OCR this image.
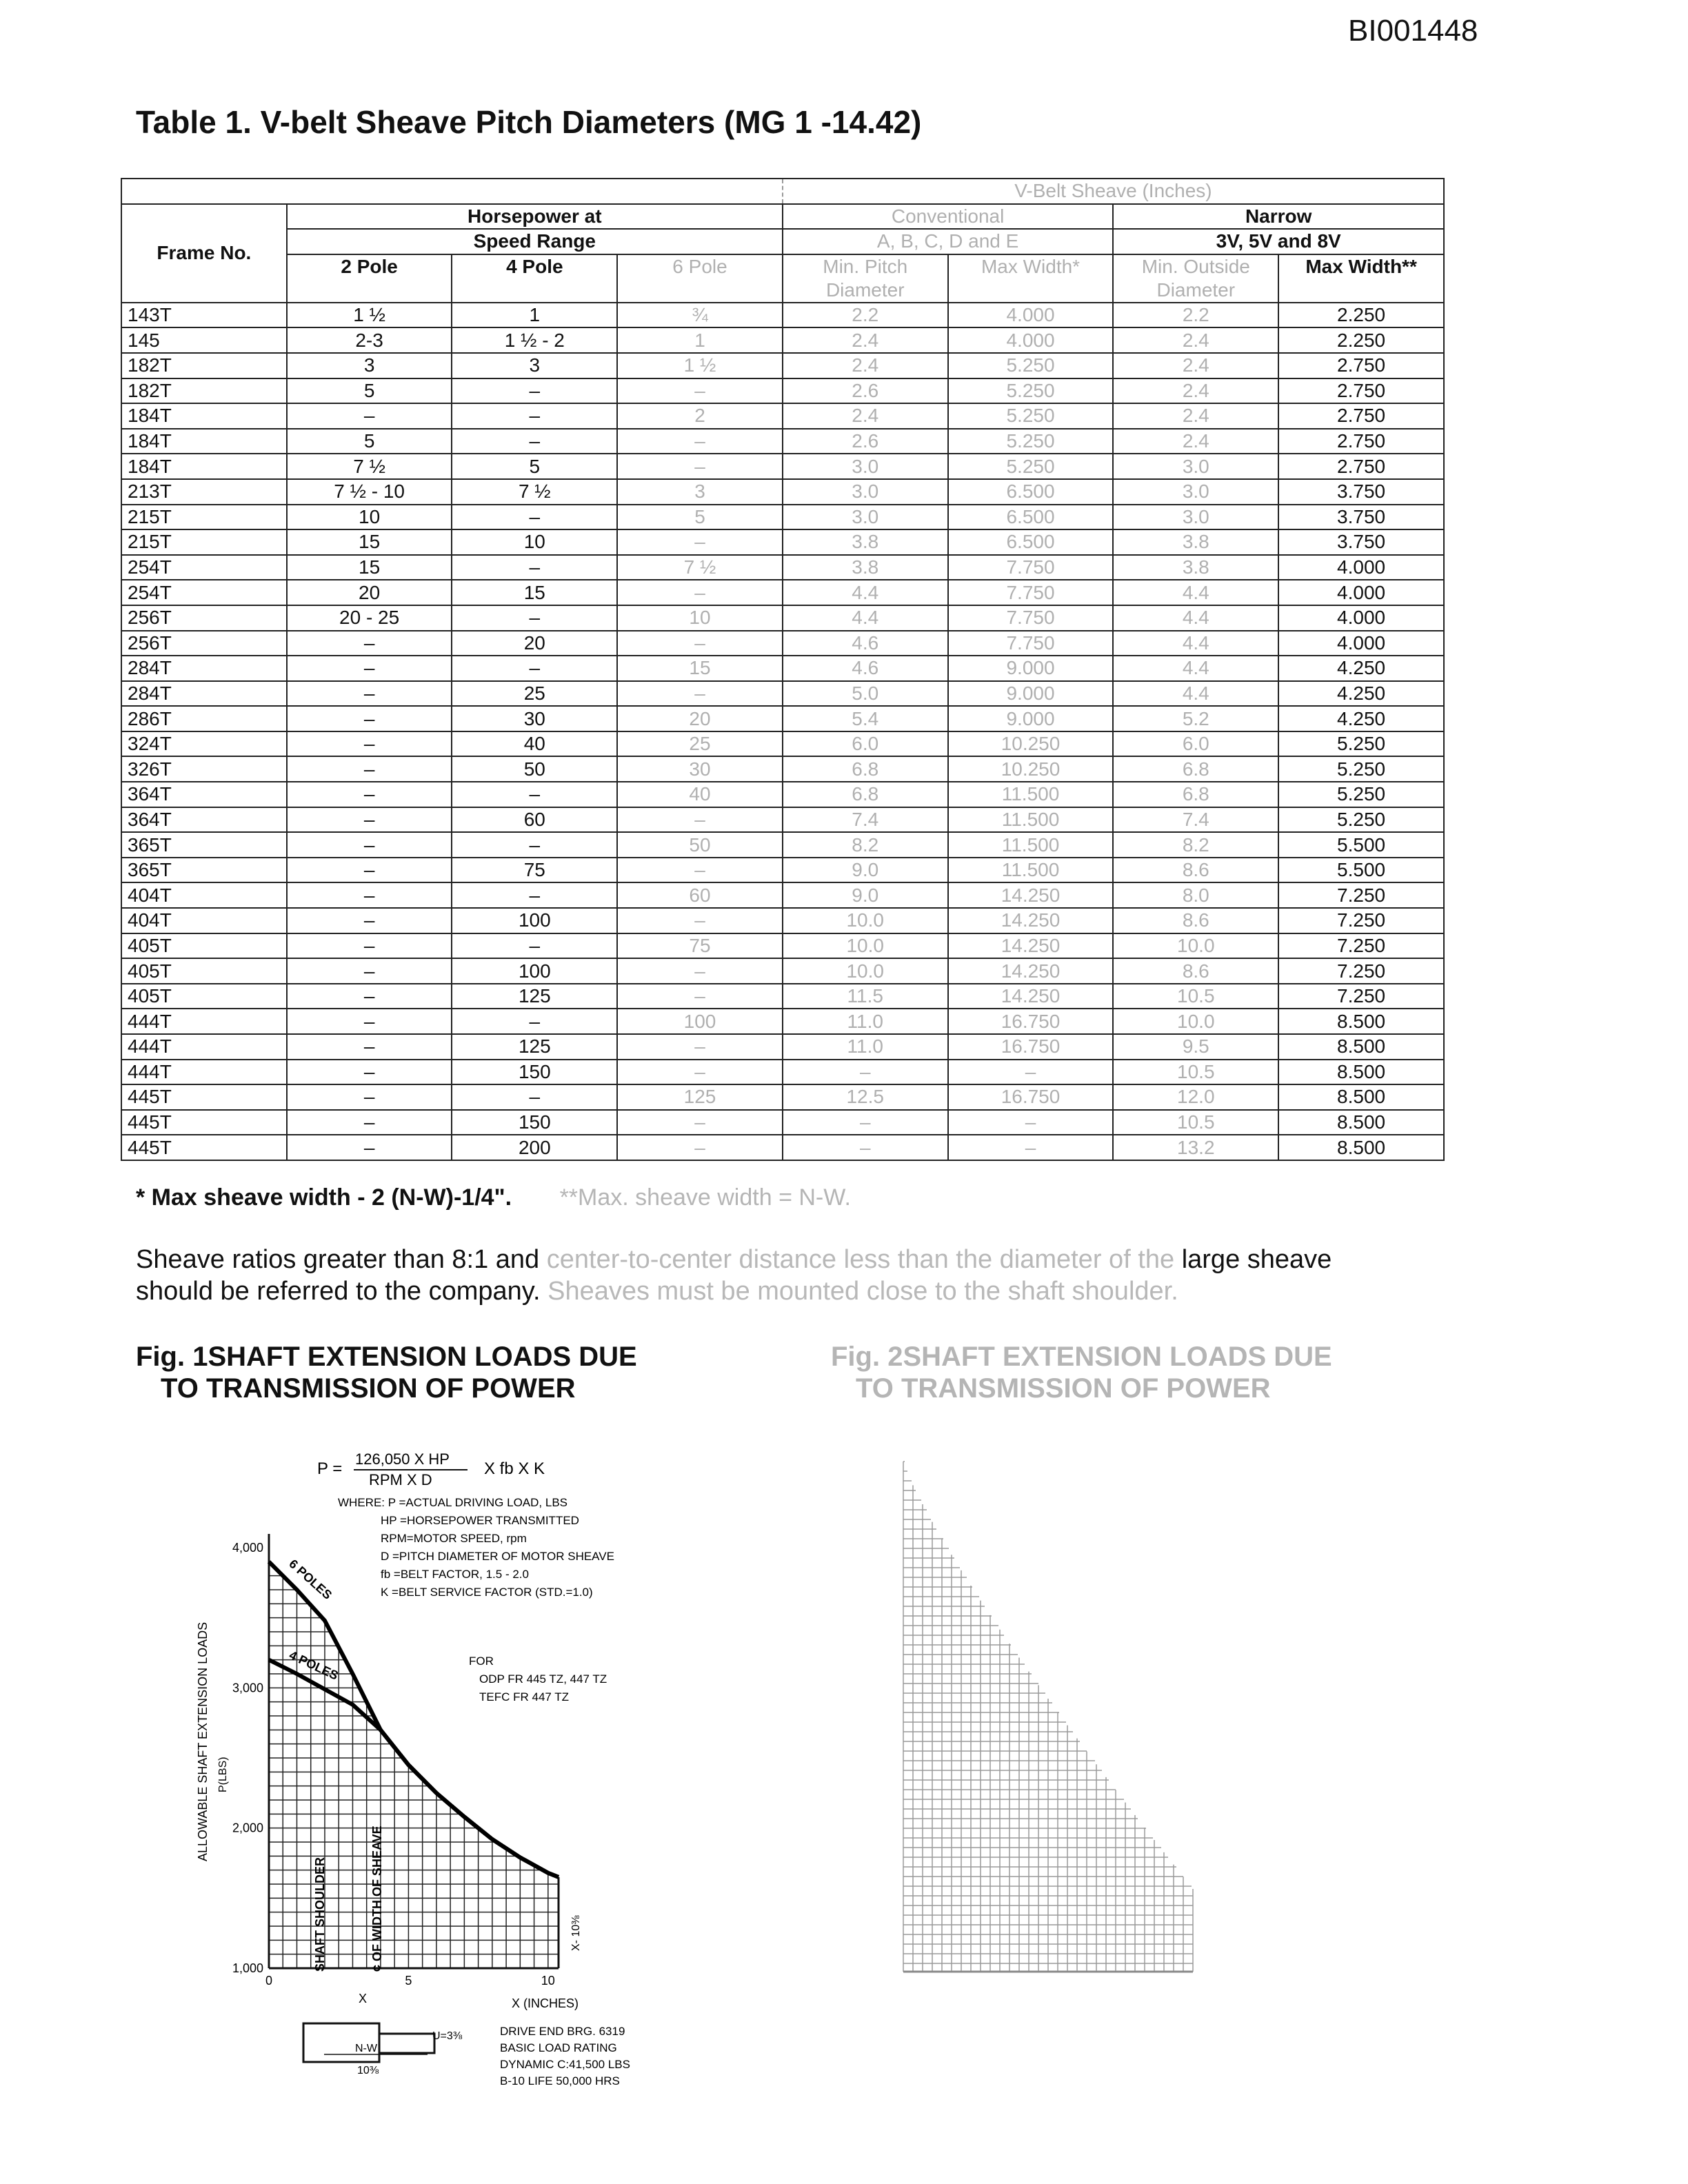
BI001448
Table 1. V-belt Sheave Pitch Diameters (MG 1 -14.42)
				V-Belt Sheave (Inches)			
Frame No.	Horsepower at			Conventional		Narrow	
	Speed Range			A, B, C, D and E		3V, 5V and 8V	
	2 Pole	4 Pole	6 Pole	Min. Pitch Diameter	Max Width*	Min. Outside Diameter	Max Width**
143T	1 ½	1	¾	2.2	4.000	2.2	2.250
145	2-3	1 ½ - 2	1	2.4	4.000	2.4	2.250
182T	3	3	1 ½	2.4	5.250	2.4	2.750
182T	5	–	–	2.6	5.250	2.4	2.750
184T	–	–	2	2.4	5.250	2.4	2.750
184T	5	–	–	2.6	5.250	2.4	2.750
184T	7 ½	5	–	3.0	5.250	3.0	2.750
213T	7 ½ - 10	7 ½	3	3.0	6.500	3.0	3.750
215T	10	–	5	3.0	6.500	3.0	3.750
215T	15	10	–	3.8	6.500	3.8	3.750
254T	15	–	7 ½	3.8	7.750	3.8	4.000
254T	20	15	–	4.4	7.750	4.4	4.000
256T	20 - 25	–	10	4.4	7.750	4.4	4.000
256T	–	20	–	4.6	7.750	4.4	4.000
284T	–	–	15	4.6	9.000	4.4	4.250
284T	–	25	–	5.0	9.000	4.4	4.250
286T	–	30	20	5.4	9.000	5.2	4.250
324T	–	40	25	6.0	10.250	6.0	5.250
326T	–	50	30	6.8	10.250	6.8	5.250
364T	–	–	40	6.8	11.500	6.8	5.250
364T	–	60	–	7.4	11.500	7.4	5.250
365T	–	–	50	8.2	11.500	8.2	5.500
365T	–	75	–	9.0	11.500	8.6	5.500
404T	–	–	60	9.0	14.250	8.0	7.250
404T	–	100	–	10.0	14.250	8.6	7.250
405T	–	–	75	10.0	14.250	10.0	7.250
405T	–	100	–	10.0	14.250	8.6	7.250
405T	–	125	–	11.5	14.250	10.5	7.250
444T	–	–	100	11.0	16.750	10.0	8.500
444T	–	125	–	11.0	16.750	9.5	8.500
444T	–	150	–	–	–	10.5	8.500
445T	–	–	125	12.5	16.750	12.0	8.500
445T	–	150	–	–	–	10.5	8.500
445T	–	200	–	–	–	13.2	8.500
* Max sheave width - 2 (N-W)-1/4". **Max. sheave width = N-W.
Sheave ratios greater than 8:1 and center-to-center distance less than the diameter of the large sheave
should be referred to the company. Sheaves must be mounted close to the shaft shoulder.
Fig. 1SHAFT EXTENSION LOADS DUE
TO TRANSMISSION OF POWER
Fig. 2SHAFT EXTENSION LOADS DUE
TO TRANSMISSION OF POWER
P =
126,050 X HP
RPM X D
X fb X K
WHERE: P =ACTUAL DRIVING LOAD, LBS
HP =HORSEPOWER TRANSMITTED
RPM=MOTOR SPEED, rpm
D =PITCH DIAMETER OF MOTOR SHEAVE
fb =BELT FACTOR, 1.5 - 2.0
K =BELT SERVICE FACTOR (STD.=1.0)
FOR
ODP FR 445 TZ, 447 TZ
TEFC FR 447 TZ
4,000
3,000
2,000
1,000
0	5	10
ALLOWABLE SHAFT EXTENSION LOADS P(LBS)
X (INCHES)
6 POLES
4 POLES
SHAFT SHOULDER	¢ OF WIDTH OF SHEAVE	X- 10⅜
N-W
10⅜
U=3⅜
X
DRIVE END BRG. 6319
BASIC LOAD RATING
DYNAMIC C:41,500 LBS
B-10 LIFE 50,000 HRS
